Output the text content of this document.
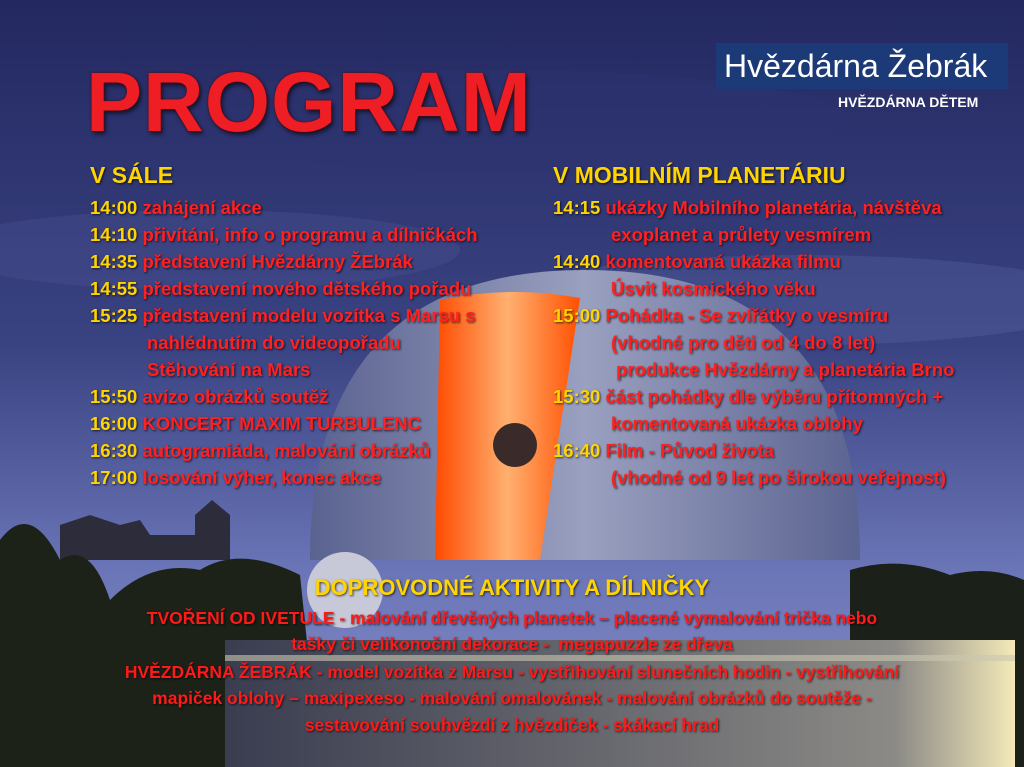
Hvězdárna Žebrák
HVĚZDÁRNA DĚTEM
PROGRAM
V SÁLE
14:00 zahájení akce
14:10 přivítání, info o programu a dílničkách
14:35 představení Hvězdárny ŽEbrák
14:55 představení nového dětského pořadu
15:25 představení modelu vozítka s Marsu s
nahlédnutím do videopořadu
Stěhování na Mars
15:50 avízo obrázků soutěž
16:00 KONCERT MAXIM TURBULENC
16:30 autogramiáda, malování obrázků
17:00 losování výher, konec akce
V MOBILNÍM PLANETÁRIU
14:15 ukázky Mobilního planetária, návštěva
exoplanet a průlety vesmírem
14:40 komentovaná ukázka filmu
Úsvit kosmického věku
15:00 Pohádka - Se zvířátky o vesmíru
(vhodné pro děti od 4 do 8 let)
produkce Hvězdárny a planetária Brno
15:30 část pohádky dle výběru přítomných +
komentovaná ukázka oblohy
16:40 Film - Původ života
(vhodné od 9 let po širokou veřejnost)
DOPROVODNÉ AKTIVITY A DÍLNIČKY
TVOŘENÍ OD IVETULE - malování dřevěných planetek – placené vymalování trička nebo
tašky či velikonoční dekorace -  megapuzzle ze dřeva
HVĚZDÁRNA ŽEBRÁK - model vozítka z Marsu - vystřihování slunečních hodin - vystřihování
mapiček oblohy – maxipexeso - malování omalovánek - malování obrázků do soutěže -
sestavování souhvězdí z hvězdiček - skákací hrad
